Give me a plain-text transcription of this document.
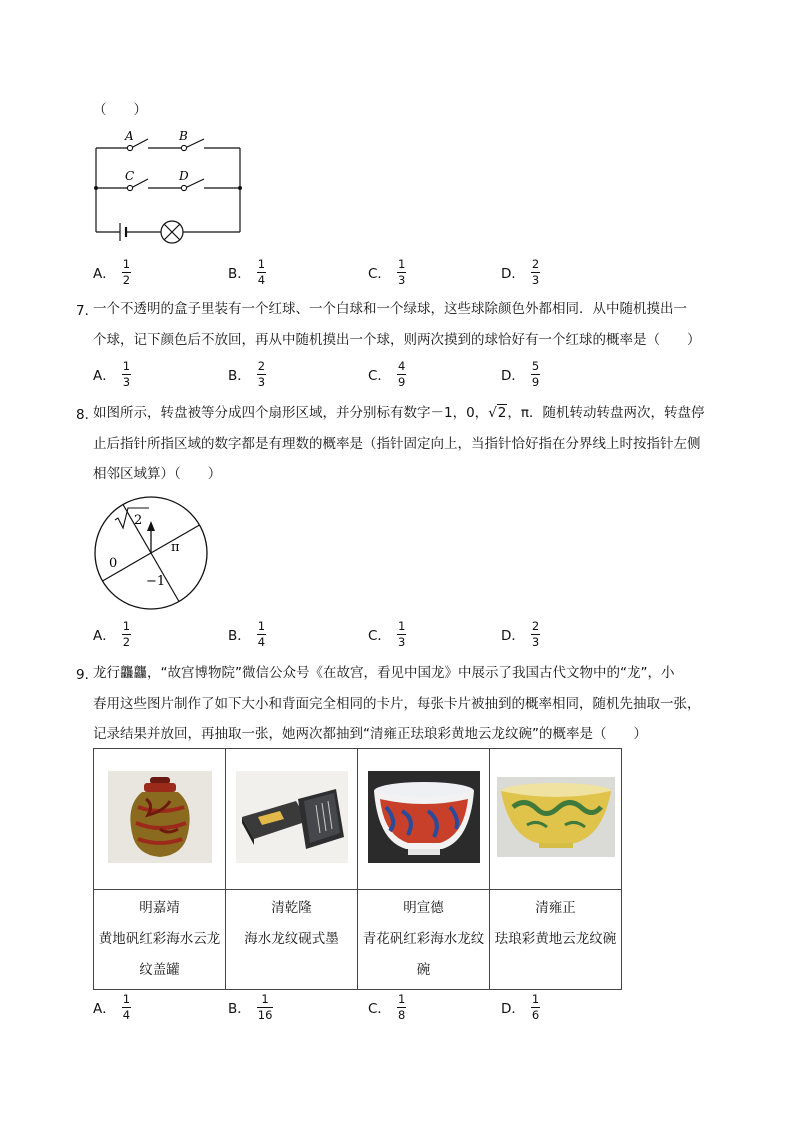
（　　）
A	B
C	D
A． $\frac{1}{2}$	B． $\frac{1}{4}$	C． $\frac{1}{3}$	D． $\frac{2}{3}$
7．
一个不透明的盒子里装有一个红球、一个白球和一个绿球，这些球除颜色外都相同．从中随机摸出一
个球，记下颜色后不放回，再从中随机摸出一个球，则两次摸到的球恰好有一个红球的概率是（　　）
A． $\frac{1}{3}$	B． $\frac{2}{3}$	C． $\frac{4}{9}$	D． $\frac{5}{9}$
8．
如图所示，转盘被等分成四个扇形区域，并分别标有数字－1，0，√2，π．随机转动转盘两次，转盘停
止后指针所指区域的数字都是有理数的概率是（指针固定向上，当指针恰好指在分界线上时按指针左侧
相邻区域算）（　　）
2
π
0
−1
A． $\frac{1}{2}$	B． $\frac{1}{4}$	C． $\frac{1}{3}$	D． $\frac{2}{3}$
9．
龙行龘龘，“故宫博物院”微信公众号《在故宫，看见中国龙》中展示了我国古代文物中的“龙”，小
春用这些图片制作了如下大小和背面完全相同的卡片，每张卡片被抽到的概率相同，随机先抽取一张，
记录结果并放回，再抽取一张，她两次都抽到“清雍正珐琅彩黄地云龙纹碗”的概率是（　　）

明嘉靖
黄地矾红彩海水云龙
纹盖罐	清乾隆
海水龙纹砚式墨	明宣德
青花矾红彩海水龙纹
碗	清雍正
珐琅彩黄地云龙纹碗
A． $\frac{1}{4}$	B． $\frac{1}{16}$	C． $\frac{1}{8}$	D． $\frac{1}{6}$
